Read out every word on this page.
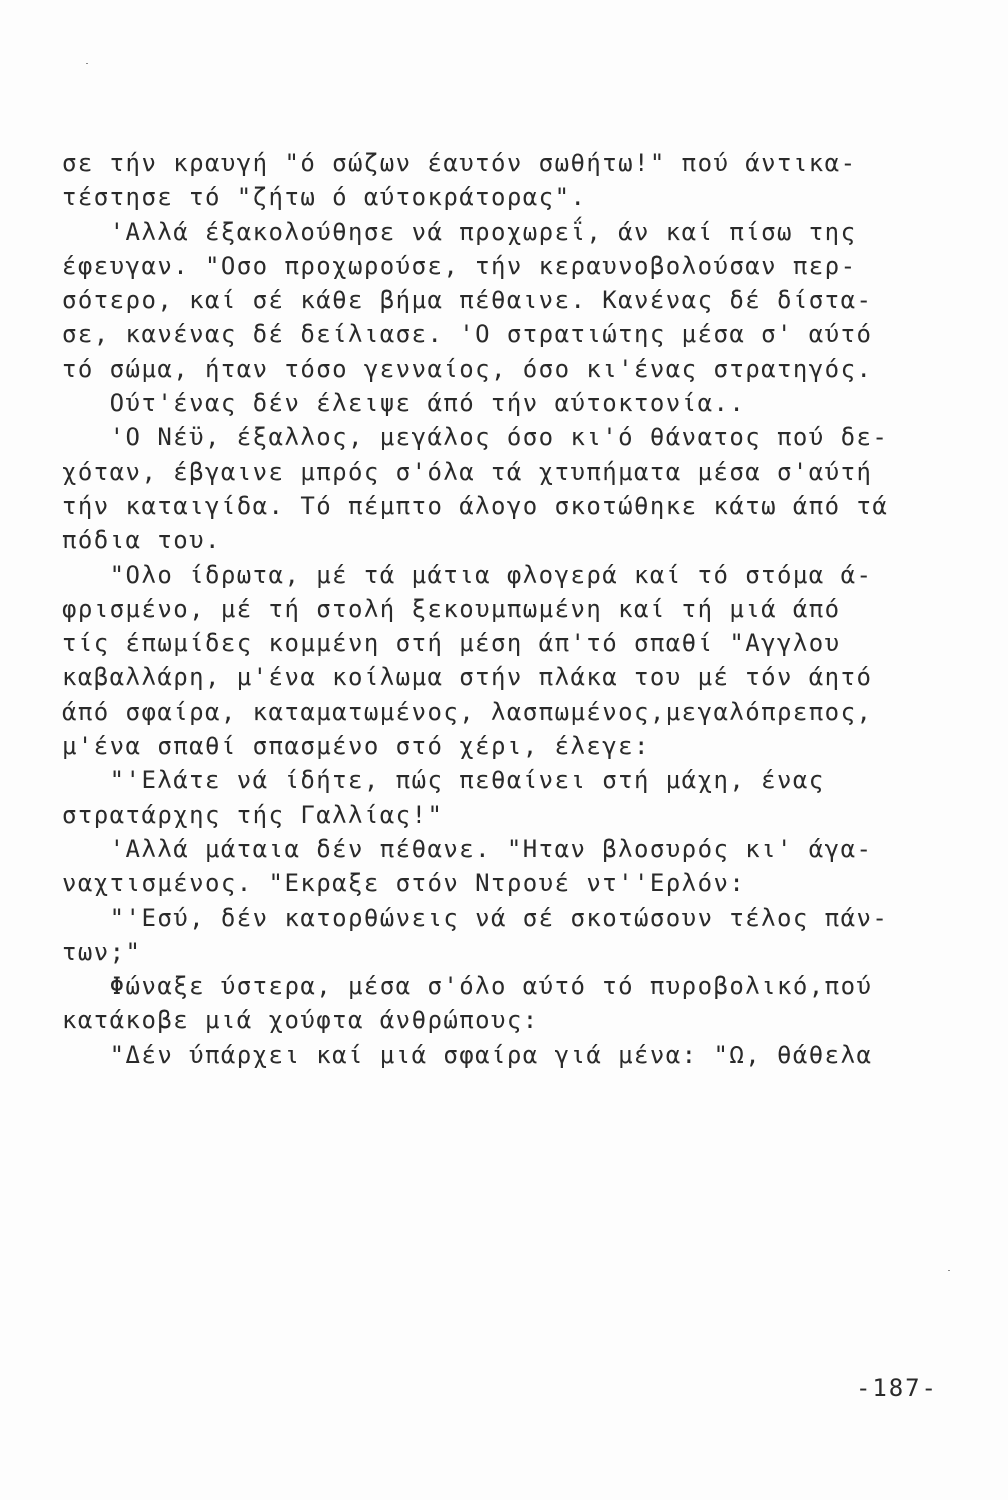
σε τήν κραυγή "ό σώζων έαυτόν σωθήτω!" πού άντικα-
τέστησε τό "ζήτω ό αύτοκράτορας".
'Αλλά έξακολούθησε νά προχωρεΐ, άν καί πίσω της
έφευγαν. "Οσο προχωρούσε, τήν κεραυνοβολούσαν περ-
σότερο, καί σέ κάθε βήμα πέθαινε. Κανένας δέ δίστα-
σε, κανένας δέ δείλιασε. 'Ο στρατιώτης μέσα σ' αύτό
τό σώμα, ήταν τόσο γενναίος, όσο κι'ένας στρατηγός.
Ούτ'ένας δέν έλειψε άπό τήν αύτοκτονία..
'Ο Νέϋ, έξαλλος, μεγάλος όσο κι'ό θάνατος πού δε-
χόταν, έβγαινε μπρός σ'όλα τά χτυπήματα μέσα σ'αύτή
τήν καταιγίδα. Τό πέμπτο άλογο σκοτώθηκε κάτω άπό τά
πόδια του.
"Ολο ίδρωτα, μέ τά μάτια φλογερά καί τό στόμα ά-
φρισμένο, μέ τή στολή ξεκουμπωμένη καί τή μιά άπό
τίς έπωμίδες κομμένη στή μέση άπ'τό σπαθί "Αγγλου
καβαλλάρη, μ'ένα κοίλωμα στήν πλάκα του μέ τόν άητό
άπό σφαίρα, καταματωμένος, λασπωμένος,μεγαλόπρεπος,
μ'ένα σπαθί σπασμένο στό χέρι, έλεγε:
"'Ελάτε νά ίδήτε, πώς πεθαίνει στή μάχη, ένας
στρατάρχης τής Γαλλίας!"
'Αλλά μάταια δέν πέθανε. "Ηταν βλοσυρός κι' άγα-
ναχτισμένος. "Εκραξε στόν Ντρουέ ντ''Ερλόν:
"'Εσύ, δέν κατορθώνεις νά σέ σκοτώσουν τέλος πάν-
των;"
Φώναξε ύστερα, μέσα σ'όλο αύτό τό πυροβολικό,πού
κατάκοβε μιά χούφτα άνθρώπους:
"Δέν ύπάρχει καί μιά σφαίρα γιά μένα: "Ω, θάθελα
-187-
